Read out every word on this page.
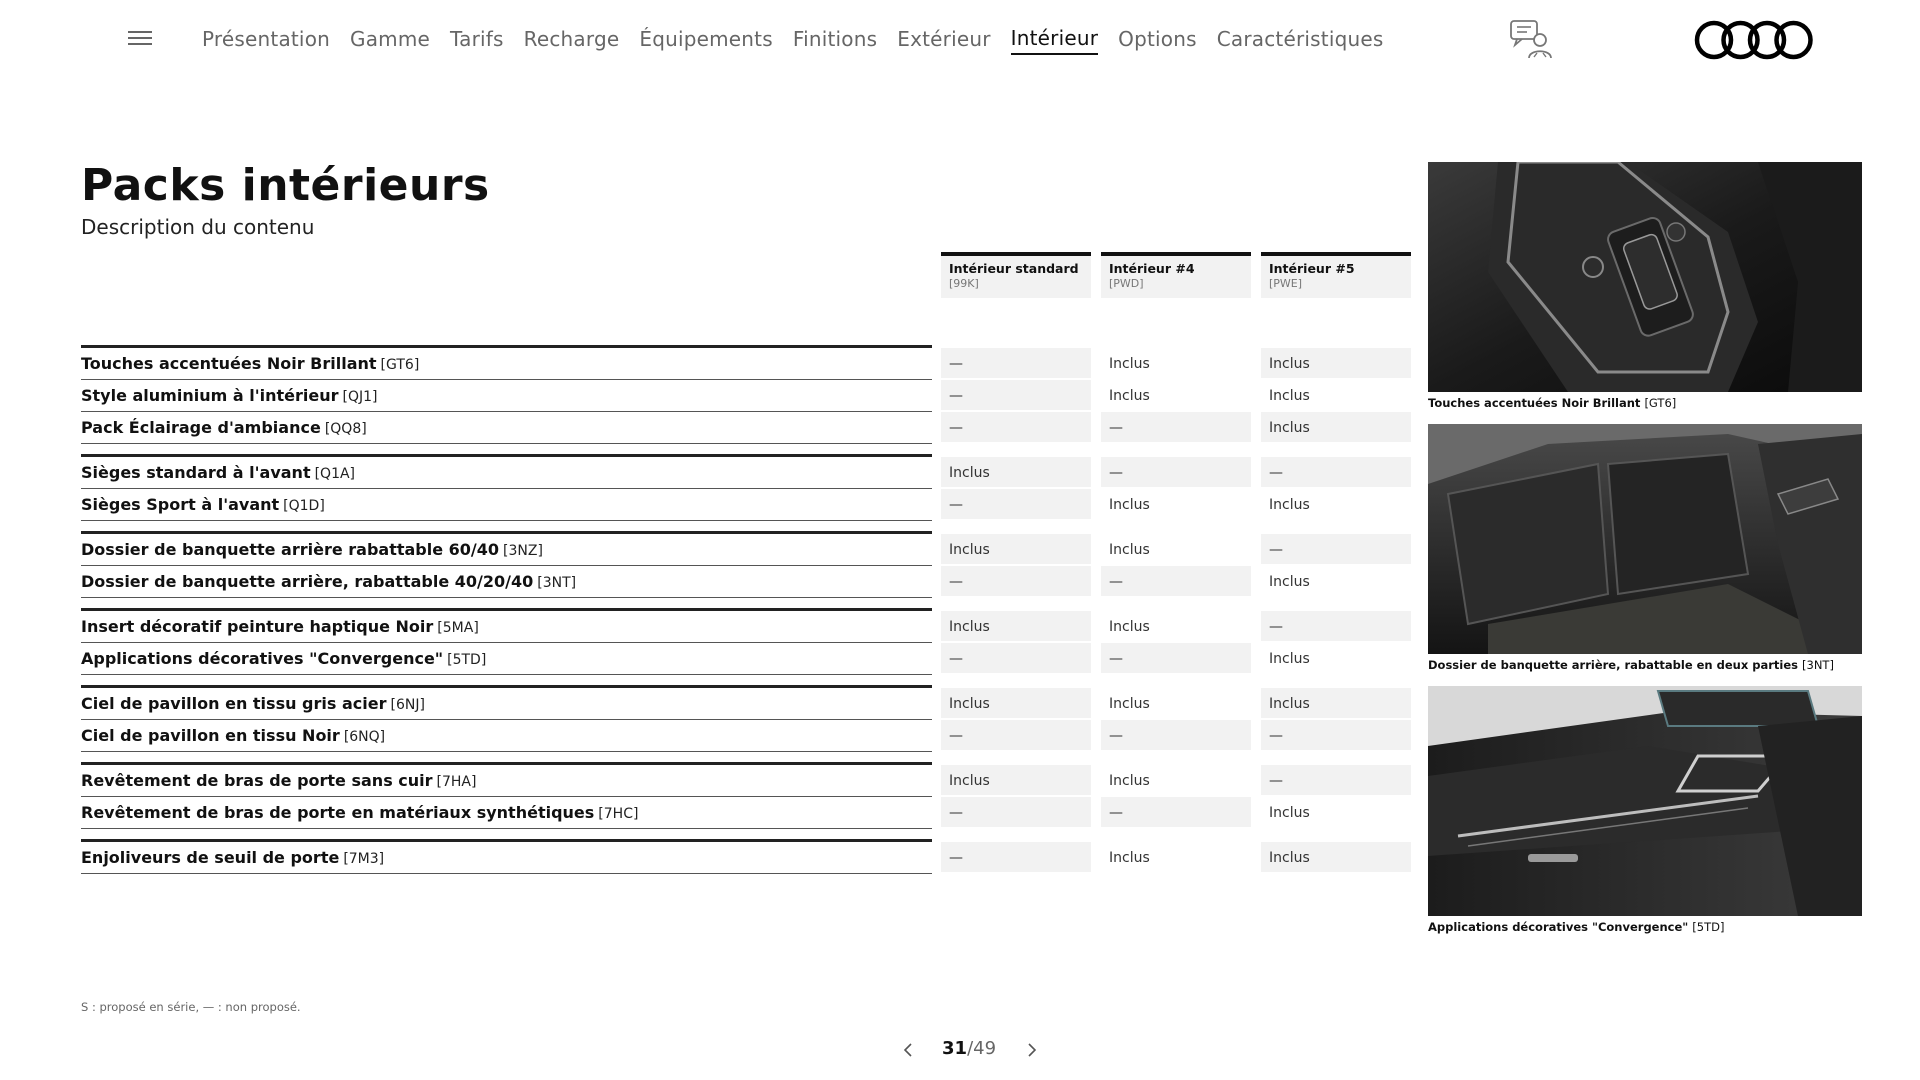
Présentation Gamme Tarifs Recharge Équipements Finitions Extérieur Intérieur Options Caractéristiques
Packs intérieurs
Description du contenu
Intérieur standard
[99K]
Intérieur #4
[PWD]
Intérieur #5
[PWE]
Touches accentuées Noir Brillant [GT6]	—	Inclus	Inclus
Style aluminium à l'intérieur [QJ1]	—	Inclus	Inclus
Pack Éclairage d'ambiance [QQ8]	—	—	Inclus
Sièges standard à l'avant [Q1A]	Inclus	—	—
Sièges Sport à l'avant [Q1D]	—	Inclus	Inclus
Dossier de banquette arrière rabattable 60/40 [3NZ]	Inclus	Inclus	—
Dossier de banquette arrière, rabattable 40/20/40 [3NT]	—	—	Inclus
Insert décoratif peinture haptique Noir [5MA]	Inclus	Inclus	—
Applications décoratives "Convergence" [5TD]	—	—	Inclus
Ciel de pavillon en tissu gris acier [6NJ]	Inclus	Inclus	Inclus
Ciel de pavillon en tissu Noir [6NQ]	—	—	—
Revêtement de bras de porte sans cuir [7HA]	Inclus	Inclus	—
Revêtement de bras de porte en matériaux synthétiques [7HC]	—	—	Inclus
Enjoliveurs de seuil de porte [7M3]	—	Inclus	Inclus
Touches accentuées Noir Brillant [GT6]
Dossier de banquette arrière, rabattable en deux parties [3NT]
Applications décoratives "Convergence" [5TD]
S : proposé en série, — : non proposé.
31/49
